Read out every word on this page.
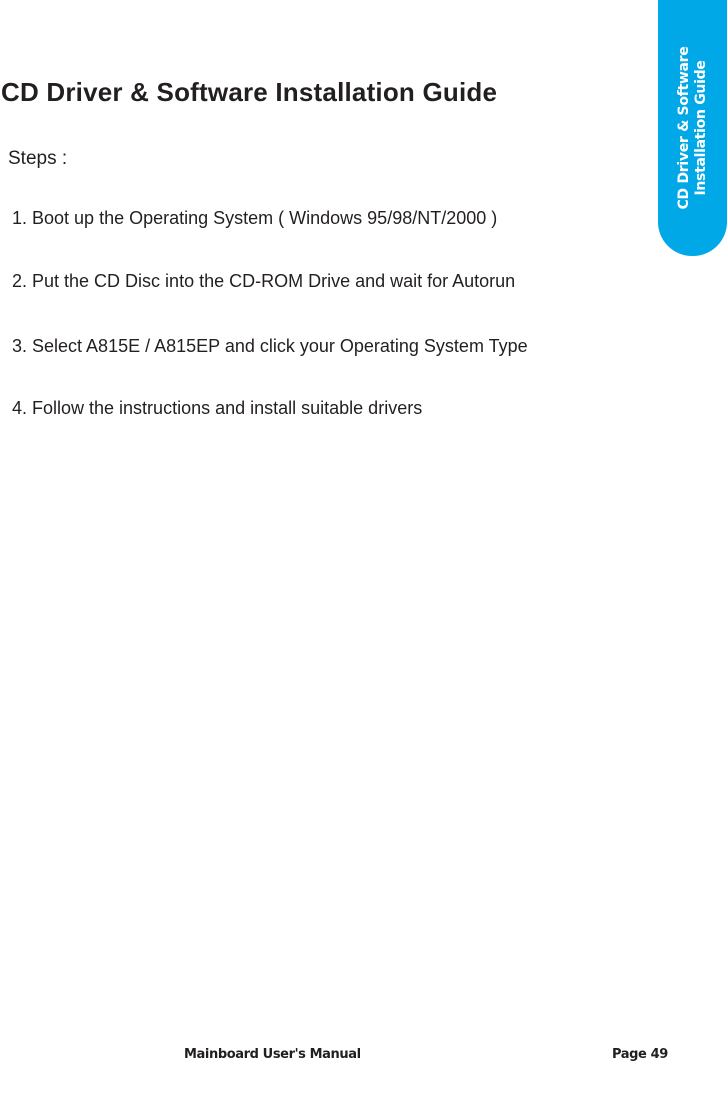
CD Driver & Software Installation Guide
CD Driver & Software Installation Guide
Steps :
1. Boot up the Operating System ( Windows 95/98/NT/2000 )
2. Put the CD Disc into the CD-ROM Drive and wait for Autorun
3. Select A815E / A815EP and click your Operating System Type
4. Follow the instructions and install suitable drivers
Mainboard User's Manual	Page 49
